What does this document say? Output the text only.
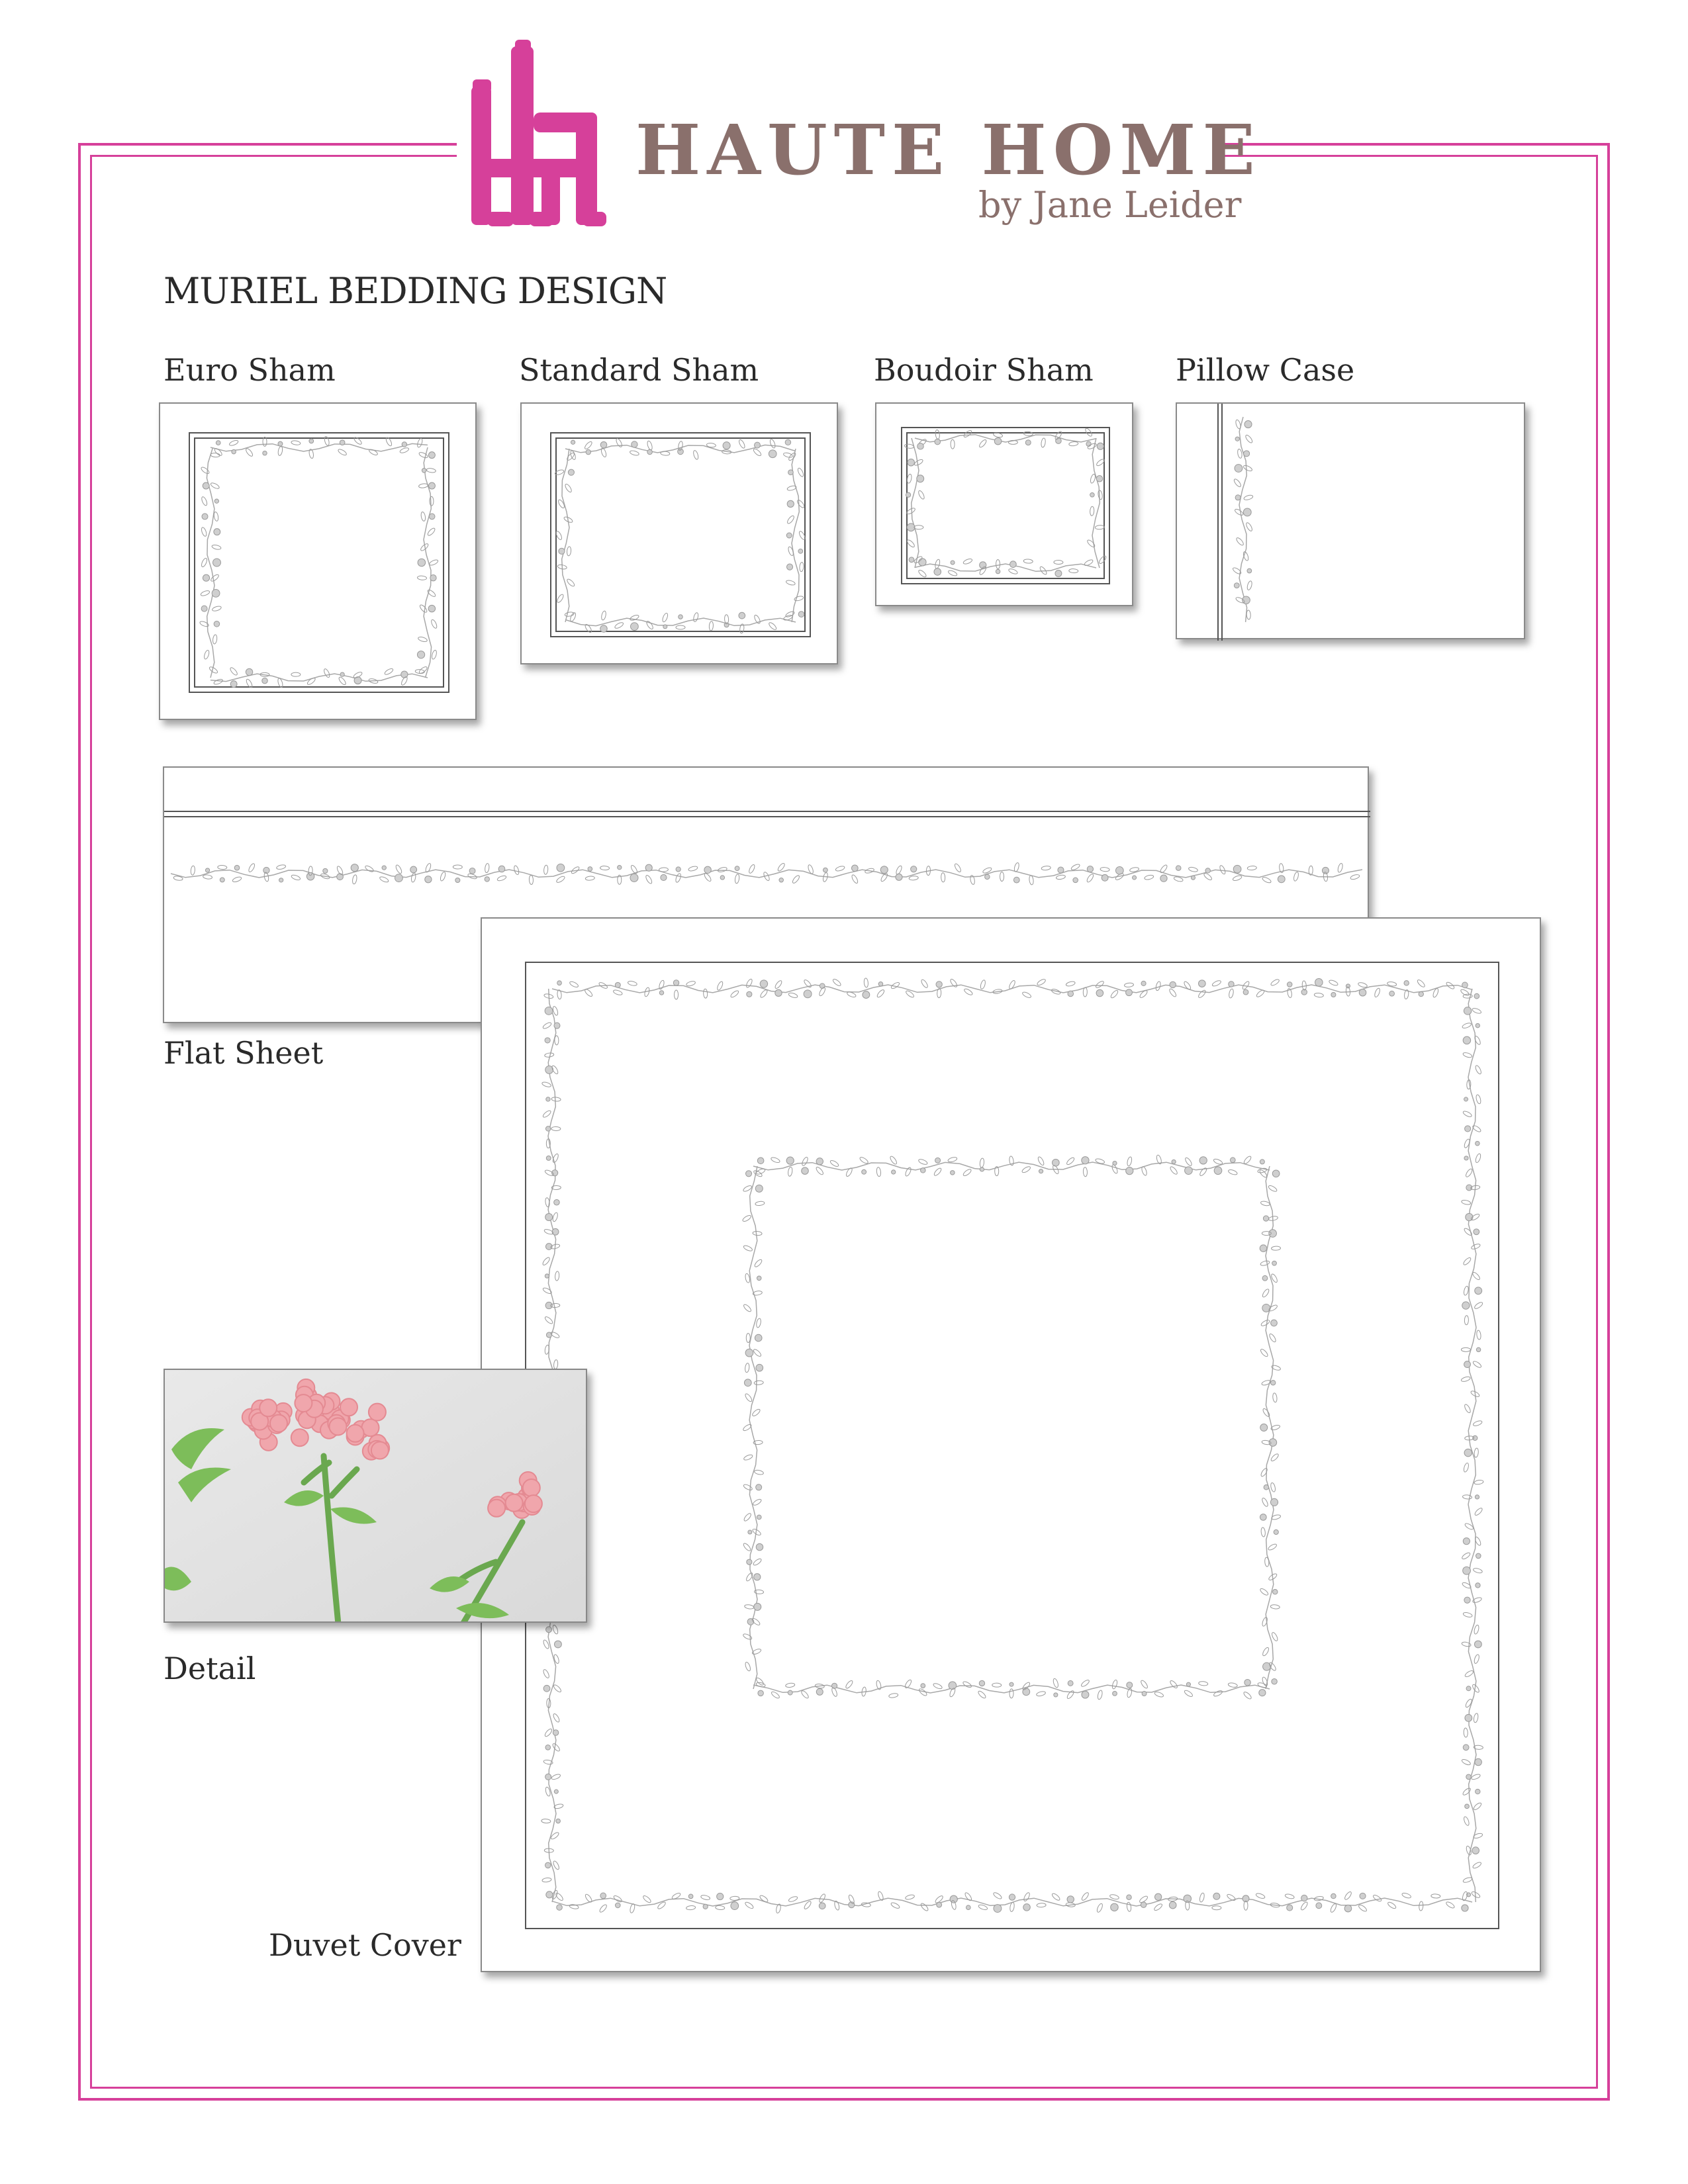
HAUTE HOME
by Jane Leider
MURIEL BEDDING DESIGN
Euro Sham	Standard Sham	Boudoir Sham	Pillow Case
Flat Sheet
Duvet Cover
Detail
